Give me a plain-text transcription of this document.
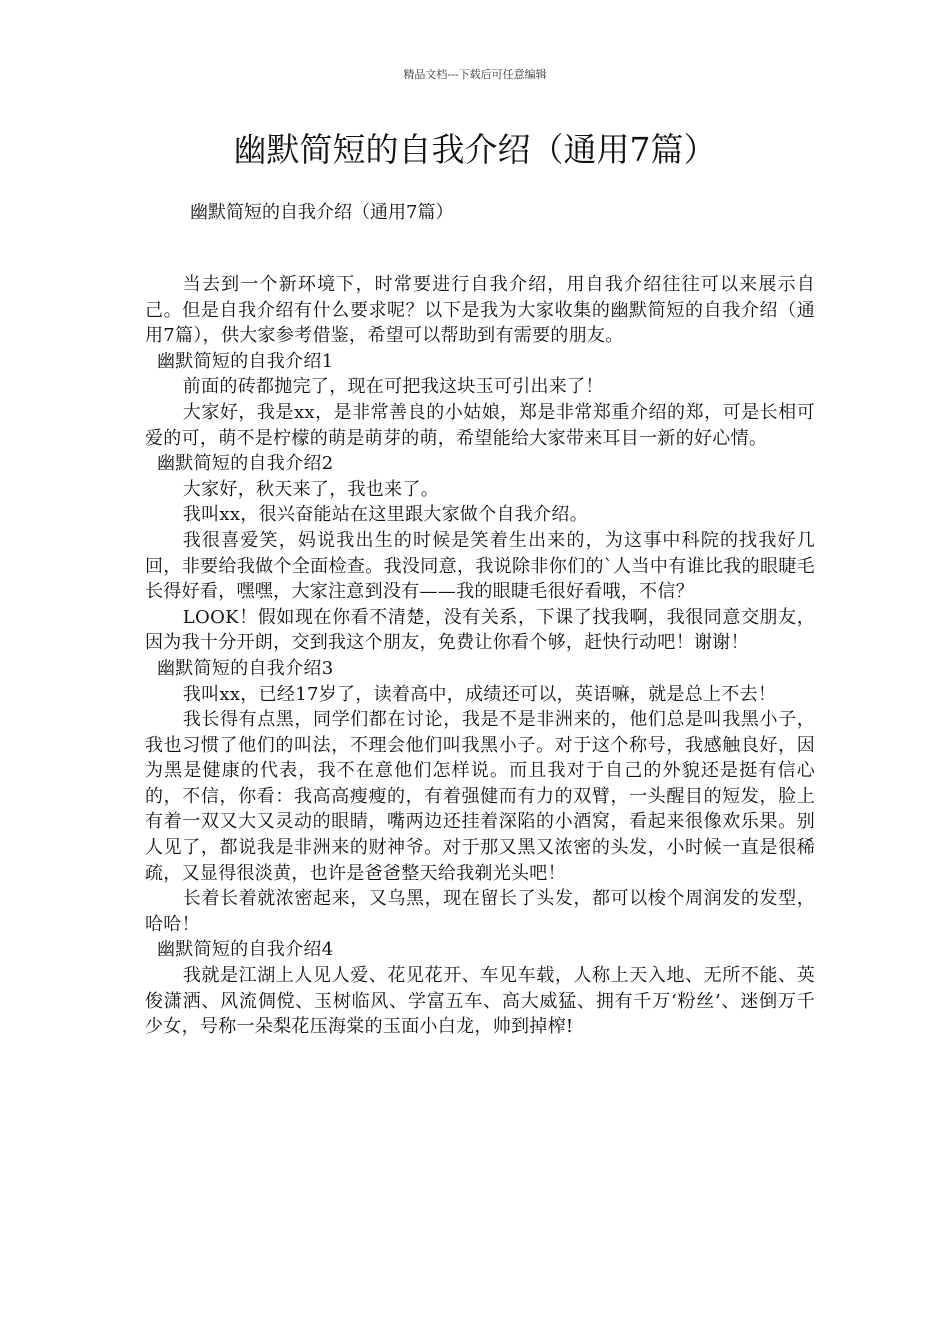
精品文档---下载后可任意编辑
幽默简短的自我介绍（通用7篇）
幽默简短的自我介绍（通用7篇）

当去到一个新环境下，时常要进行自我介绍，用自我介绍往往可以来展示自己。但是自我介绍有什么要求呢？以下是我为大家收集的幽默简短的自我介绍（通用7篇），供大家参考借鉴，希望可以帮助到有需要的朋友。

幽默简短的自我介绍1

前面的砖都抛完了，现在可把我这块玉可引出来了！

大家好，我是xx，是非常善良的小姑娘，郑是非常郑重介绍的郑，可是长相可爱的可，萌不是柠檬的萌是萌芽的萌，希望能给大家带来耳目一新的好心情。

幽默简短的自我介绍2

大家好，秋天来了，我也来了。

我叫xx，很兴奋能站在这里跟大家做个自我介绍。

我很喜爱笑，妈说我出生的时候是笑着生出来的，为这事中科院的找我好几回，非要给我做个全面检查。我没同意，我说除非你们的`人当中有谁比我的眼睫毛长得好看，嘿嘿，大家注意到没有——我的眼睫毛很好看哦，不信？

LOOK！假如现在你看不清楚，没有关系，下课了找我啊，我很同意交朋友，因为我十分开朗，交到我这个朋友，免费让你看个够，赶快行动吧！谢谢！

幽默简短的自我介绍3

我叫xx，已经17岁了，读着高中，成绩还可以，英语嘛，就是总上不去！

我长得有点黑，同学们都在讨论，我是不是非洲来的，他们总是叫我黑小子，我也习惯了他们的叫法，不理会他们叫我黑小子。对于这个称号，我感触良好，因为黑是健康的代表，我不在意他们怎样说。而且我对于自己的外貌还是挺有信心的，不信，你看：我高高瘦瘦的，有着强健而有力的双臂，一头醒目的短发，脸上有着一双又大又灵动的眼睛，嘴两边还挂着深陷的小酒窝，看起来很像欢乐果。别人见了，都说我是非洲来的财神爷。对于那又黑又浓密的头发，小时候一直是很稀疏，又显得很淡黄，也许是爸爸整天给我剃光头吧！

长着长着就浓密起来，又乌黑，现在留长了头发，都可以梭个周润发的发型，哈哈！

幽默简短的自我介绍4

我就是江湖上人见人爱、花见花开、车见车载，人称上天入地、无所不能、英俊潇洒、风流倜傥、玉树临风、学富五车、高大威猛、拥有千万‘粉丝’、迷倒万千少女，号称一朵梨花压海棠的玉面小白龙，帅到掉榨!
